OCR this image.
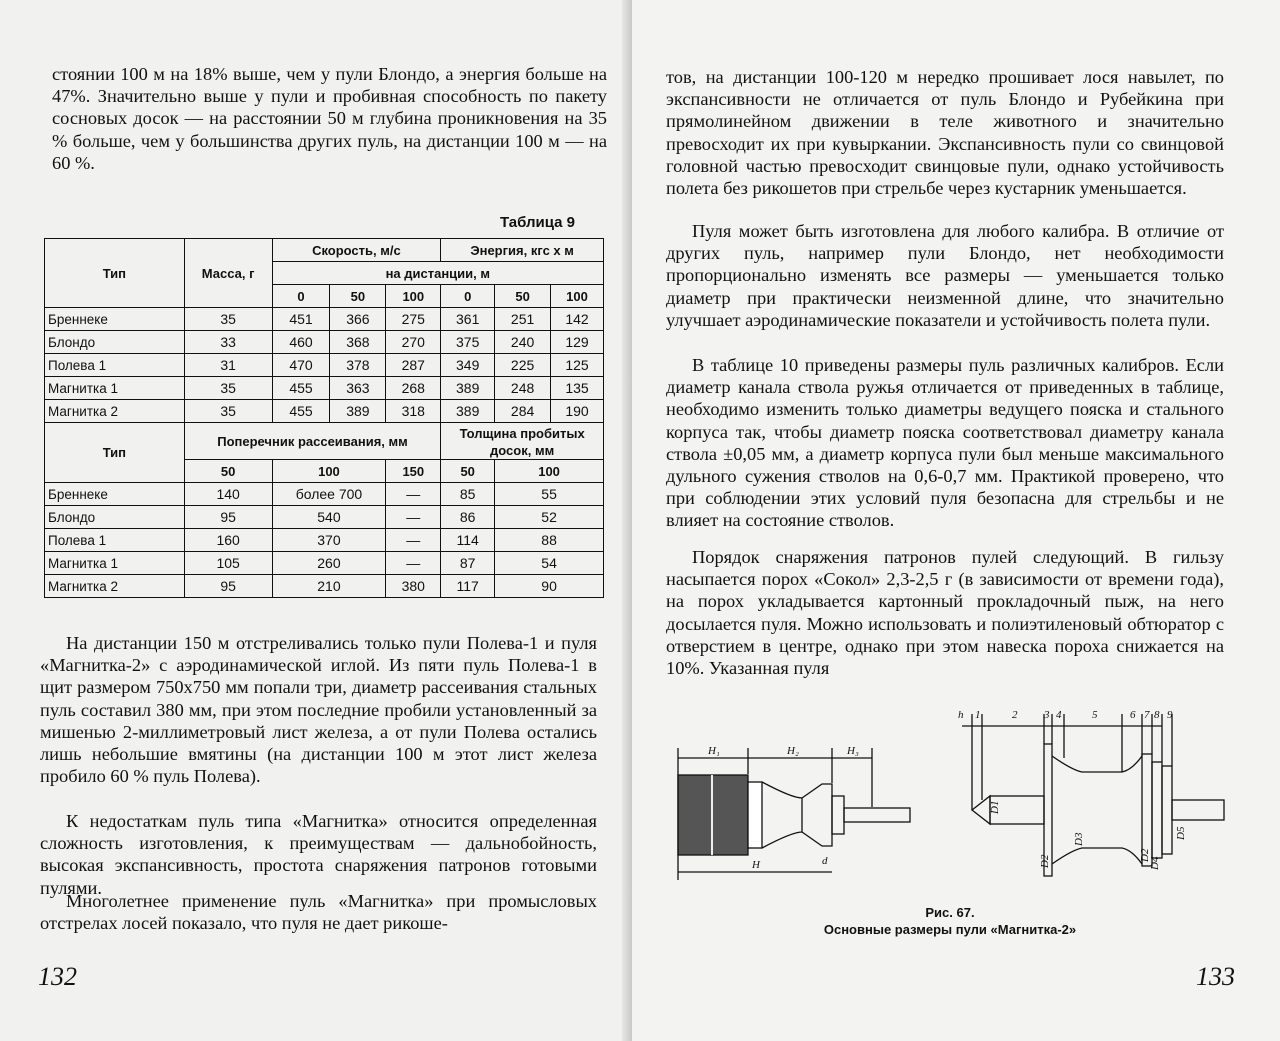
стоянии 100 м на 18% выше, чем у пули Блондо, а энергия больше на 47%. Значительно выше у пули и пробивная способность по пакету сосновых досок — на расстоянии 50 м глубина проникновения на 35 % больше, чем у большинства других пуль, на дистанции 100 м — на 60 %.

Таблица 9
Тип	Масса, г	Скорость, м/с			Энергия, кгс х м		
		на дистанции, м					
		0	50	100	0	50	100
Бреннеке	35	451	366	275	361	251	142
Блондо	33	460	368	270	375	240	129
Полева 1	31	470	378	287	349	225	125
Магнитка 1	35	455	363	268	389	248	135
Магнитка 2	35	455	389	318	389	284	190
Тип	Поперечник рассеивания, мм				Толщина пробитых досок, мм		
	50	100		150	50	100	
Бреннеке	140	более 700		—	85	55	
Блондо	95	540		—	86	52	
Полева 1	160	370		—	114	88	
Магнитка 1	105	260		—	87	54	
Магнитка 2	95	210		380	117	90	

На дистанции 150 м отстреливались только пули Полева-1 и пуля «Магнитка-2» с аэродинамической иглой. Из пяти пуль Полева-1 в щит размером 750х750 мм попали три, диаметр рассеивания стальных пуль составил 380 мм, при этом последние пробили установленный за мишенью 2-миллиметровый лист железа, а от пули Полева остались лишь небольшие вмятины (на дистанции 100 м этот лист железа пробило 60 % пуль Полева).

К недостаткам пуль типа «Магнитка» относится определенная сложность изготовления, к преимуществам — дальнобойность, высокая экспансивность, простота снаряжения патронов готовыми пулями.

Многолетнее применение пуль «Магнитка» при промысловых отстрелах лосей показало, что пуля не дает рикоше-

132

тов, на дистанции 100-120 м нередко прошивает лося навылет, по экспансивности не отличается от пуль Блондо и Рубейкина при прямолинейном движении в теле животного и значительно превосходит их при кувыркании. Экспансивность пули со свинцовой головной частью превосходит свинцовые пули, однако устойчивость полета без рикошетов при стрельбе через кустарник уменьшается.

Пуля может быть изготовлена для любого калибра. В отличие от других пуль, например пули Блондо, нет необходимости пропорционально изменять все размеры — уменьшается только диаметр при практически неизменной длине, что значительно улучшает аэродинамические показатели и устойчивость полета пули.

В таблице 10 приведены размеры пуль различных калибров. Если диаметр канала ствола ружья отличается от приведенных в таблице, необходимо изменить только диаметры ведущего пояска и стального корпуса так, чтобы диаметр пояска соответствовал диаметру канала ствола ±0,05 мм, а диаметр корпуса пули был меньше максимального дульного сужения стволов на 0,6-0,7 мм. Практикой проверено, что при соблюдении этих условий пуля безопасна для стрельбы и не влияет на состояние стволов.

Порядок снаряжения патронов пулей следующий. В гильзу насыпается порох «Сокол» 2,3-2,5 г (в зависимости от времени года), на порох укладывается картонный прокладочный пыж, на него досылается пуля. Можно использовать и полиэтиленовый обтюратор с отверстием в центре, однако при этом навеска пороха снижается на 10%. Указанная пуля

h 1	2 3 4	5	6 7 8 9
H₁	H₂	H₃
H	d
D1
D2
D3
D4
D5
D2
Рис. 67.
Основные размеры пули «Магнитка-2»
133
